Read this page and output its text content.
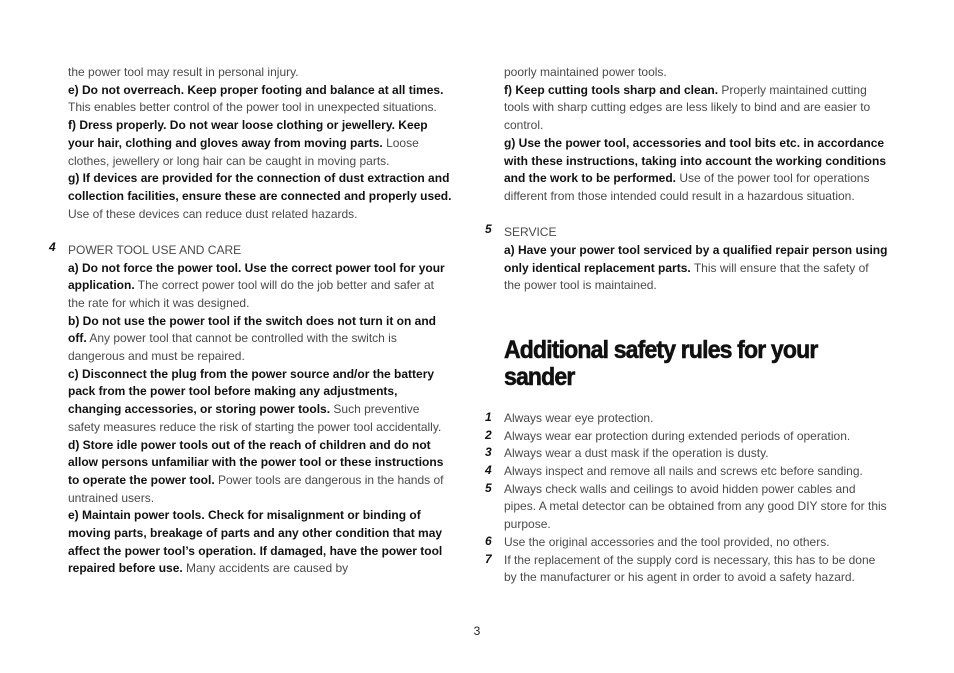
the power tool may result in personal injury.

e) Do not overreach. Keep proper footing and balance at all times. This enables better control of the power tool in unexpected situations.

f) Dress properly. Do not wear loose clothing or jewellery. Keep your hair, clothing and gloves away from moving parts. Loose clothes, jewellery or long hair can be caught in moving parts.

g) If devices are provided for the connection of dust extraction and collection facilities, ensure these are connected and properly used. Use of these devices can reduce dust related hazards.

4 POWER TOOL USE AND CARE

a) Do not force the power tool. Use the correct power tool for your application. The correct power tool will do the job better and safer at the rate for which it was designed.

b) Do not use the power tool if the switch does not turn it on and off. Any power tool that cannot be controlled with the switch is dangerous and must be repaired.

c) Disconnect the plug from the power source and/or the battery pack from the power tool before making any adjustments, changing accessories, or storing power tools. Such preventive safety measures reduce the risk of starting the power tool accidentally.

d) Store idle power tools out of the reach of children and do not allow persons unfamiliar with the power tool or these instructions to operate the power tool. Power tools are dangerous in the hands of untrained users.

e) Maintain power tools. Check for misalignment or binding of moving parts, breakage of parts and any other condition that may affect the power tool’s operation. If damaged, have the power tool repaired before use. Many accidents are caused by

poorly maintained power tools.

f) Keep cutting tools sharp and clean. Properly maintained cutting tools with sharp cutting edges are less likely to bind and are easier to control.

g) Use the power tool, accessories and tool bits etc. in accordance with these instructions, taking into account the working conditions and the work to be performed. Use of the power tool for operations different from those intended could result in a hazardous situation.

5 SERVICE

a) Have your power tool serviced by a qualified repair person using only identical replacement parts. This will ensure that the safety of the power tool is maintained.

Additional safety rules for your sander
1 Always wear eye protection.
2 Always wear ear protection during extended periods of operation.
3 Always wear a dust mask if the operation is dusty.
4 Always inspect and remove all nails and screws etc before sanding.
5 Always check walls and ceilings to avoid hidden power cables and pipes. A metal detector can be obtained from any good DIY store for this purpose.
6 Use the original accessories and the tool provided, no others.
7 If the replacement of the supply cord is necessary, this has to be done by the manufacturer or his agent in order to avoid a safety hazard.
3
